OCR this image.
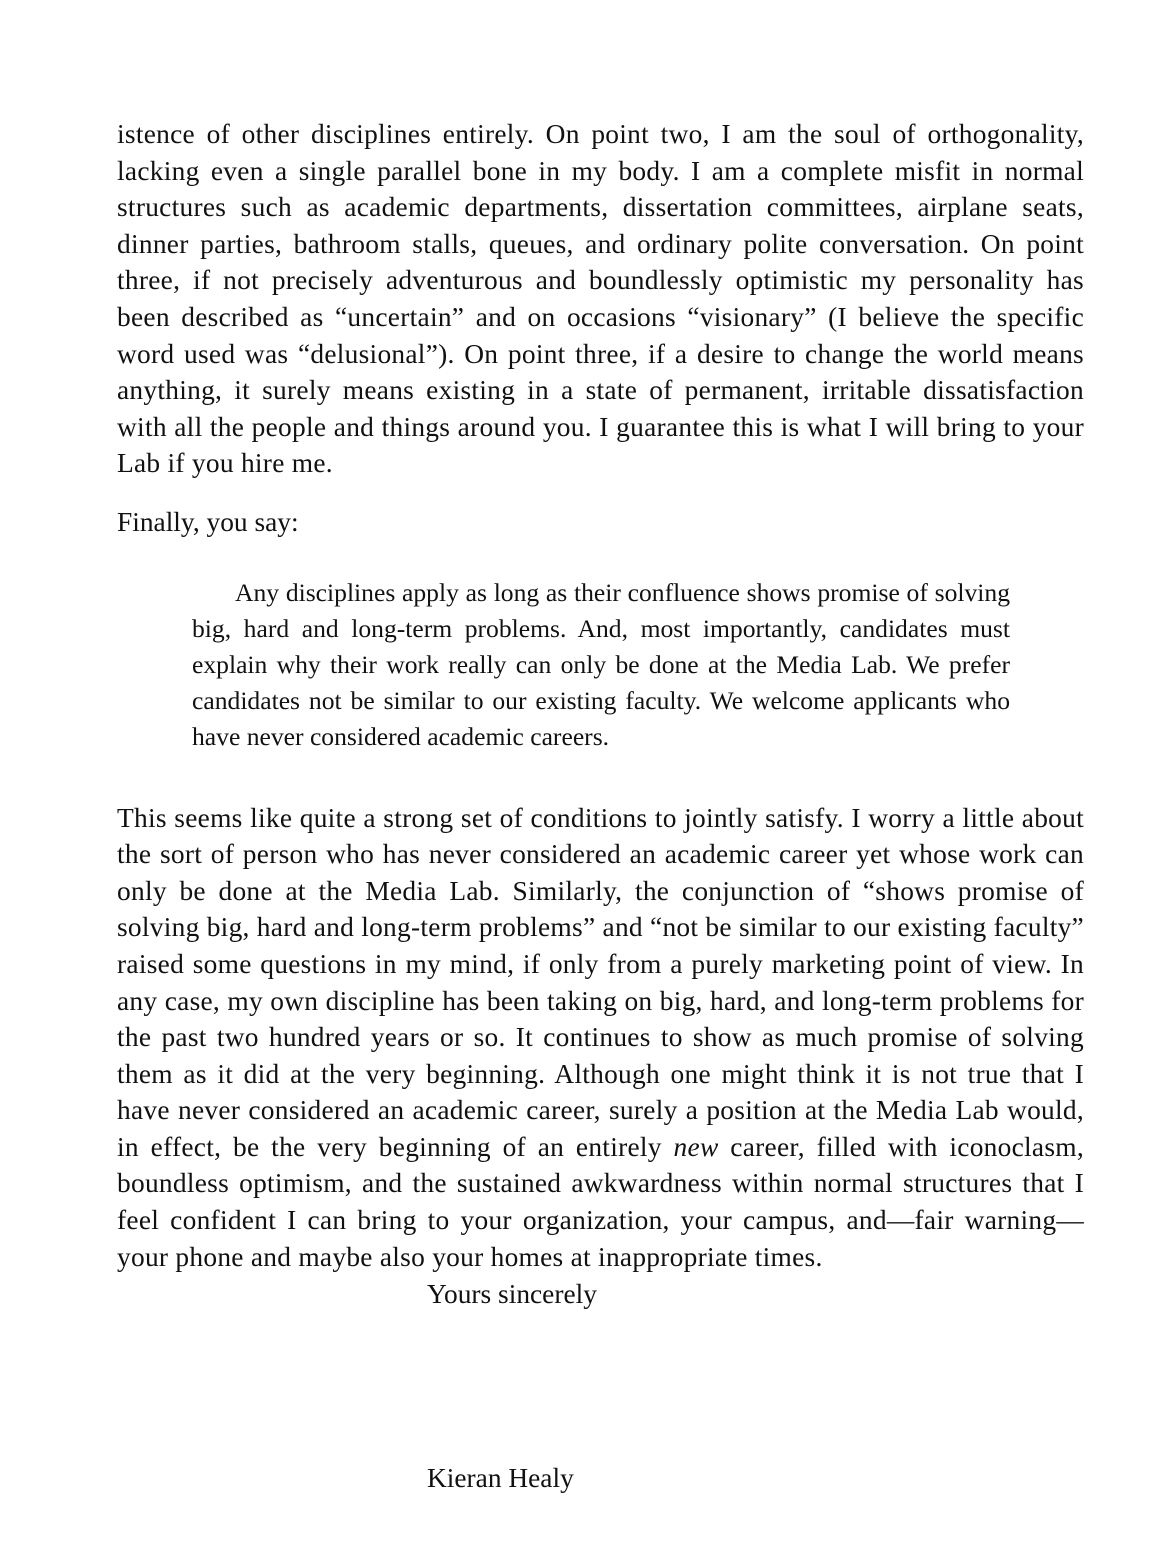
istence of other disciplines entirely. On point two, I am the soul of orthogonality, lacking even a single parallel bone in my body. I am a complete misfit in normal structures such as academic departments, dissertation committees, airplane seats, dinner parties, bathroom stalls, queues, and ordinary polite conversation. On point three, if not precisely adventurous and boundlessly optimistic my personality has been described as “uncertain” and on occasions “visionary” (I believe the specific word used was “delusional”). On point three, if a desire to change the world means anything, it surely means existing in a state of permanent, irritable dissatisfaction with all the people and things around you. I guarantee this is what I will bring to your Lab if you hire me.

Finally, you say:

Any disciplines apply as long as their confluence shows promise of solving big, hard and long-term problems. And, most importantly, candidates must explain why their work really can only be done at the Media Lab. We prefer candidates not be similar to our existing faculty. We welcome applicants who have never considered academic careers.

This seems like quite a strong set of conditions to jointly satisfy. I worry a little about the sort of person who has never considered an academic career yet whose work can only be done at the Media Lab. Similarly, the conjunction of “shows promise of solving big, hard and long-term problems” and “not be similar to our existing faculty” raised some questions in my mind, if only from a purely marketing point of view. In any case, my own discipline has been taking on big, hard, and long-term problems for the past two hundred years or so. It continues to show as much promise of solving them as it did at the very beginning. Although one might think it is not true that I have never considered an academic career, surely a position at the Media Lab would, in effect, be the very beginning of an entirely new career, filled with iconoclasm, boundless optimism, and the sustained awkwardness within normal structures that I feel confident I can bring to your organization, your campus, and—fair warning—your phone and maybe also your homes at inappropriate times.

Yours sincerely

Kieran Healy
